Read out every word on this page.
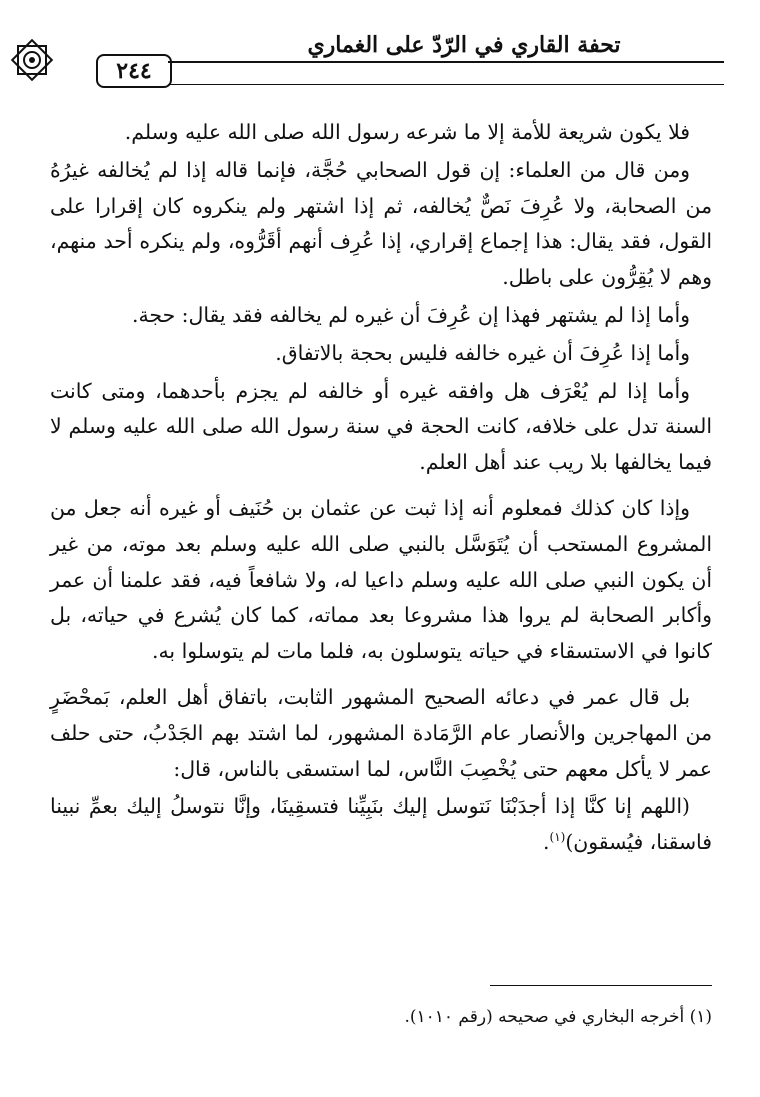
٢٤٤
تحفة القاري في الرّدّ على الغماري

فلا يكون شريعة للأمة إلا ما شرعه رسول الله صلى الله عليه وسلم.

ومن قال من العلماء: إن قول الصحابي حُجَّة، فإنما قاله إذا لم يُخالفه غيرُهُ من الصحابة، ولا عُرِفَ نَصٌّ يُخالفه، ثم إذا اشتهر ولم ينكروه كان إقرارا على القول، فقد يقال: هذا إجماع إقراري، إذا عُرِف أنهم أقَرُّوه، ولم ينكره أحد منهم، وهم لا يُقِرُّون على باطل.

وأما إذا لم يشتهر فهذا إن عُرِفَ أن غيره لم يخالفه فقد يقال: حجة.

وأما إذا عُرِفَ أن غيره خالفه فليس بحجة بالاتفاق.

وأما إذا لم يُعْرَف هل وافقه غيره أو خالفه لم يجزم بأحدهما، ومتى كانت السنة تدل على خلافه، كانت الحجة في سنة رسول الله صلى الله عليه وسلم لا فيما يخالفها بلا ريب عند أهل العلم.

وإذا كان كذلك فمعلوم أنه إذا ثبت عن عثمان بن حُنَيف أو غيره أنه جعل من المشروع المستحب أن يُتَوَسَّل بالنبي صلى الله عليه وسلم بعد موته، من غير أن يكون النبي صلى الله عليه وسلم داعيا له، ولا شافعاً فيه، فقد علمنا أن عمر وأكابر الصحابة لم يروا هذا مشروعا بعد مماته، كما كان يُشرع في حياته، بل كانوا في الاستسقاء في حياته يتوسلون به، فلما مات لم يتوسلوا به.

بل قال عمر في دعائه الصحيح المشهور الثابت، باتفاق أهل العلم، بَمحْضَرٍ من المهاجرين والأنصار عام الرَّمَادة المشهور، لما اشتد بهم الجَدْبُ، حتى حلف عمر لا يأكل معهم حتى يُخْصِبَ النَّاس، لما استسقى بالناس، قال:

(اللهم إنا كنَّا إذا أجدَبْنَا نَتوسل إليك بنَبِيِّنا فتسقِينَا، وإنَّا نتوسلُ إليك بعمِّ نبينا فاسقنا، فيُسقون)$^{(١)}$.

(١) أخرجه البخاري في صحيحه (رقم ١٠١٠).
